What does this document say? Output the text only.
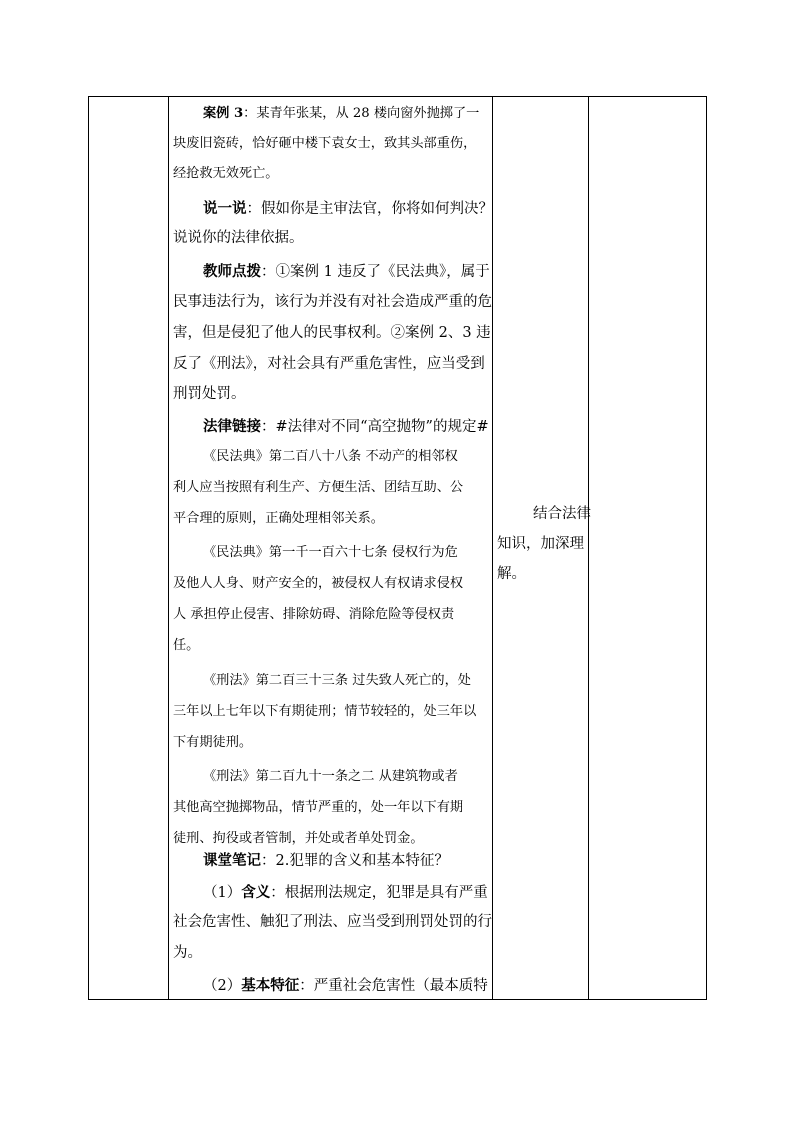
案例 3：某青年张某，从 28 楼向窗外抛掷了一

块废旧瓷砖，恰好砸中楼下袁女士，致其头部重伤，

经抢救无效死亡。

说一说：假如你是主审法官，你将如何判决？

说说你的法律依据。

教师点拨：①案例 1 违反了《民法典》，属于

民事违法行为，该行为并没有对社会造成严重的危

害，但是侵犯了他人的民事权利。②案例 2、3 违

反了《刑法》，对社会具有严重危害性，应当受到

刑罚处罚。

法律链接：#法律对不同“高空抛物”的规定#

《民法典》第二百八十八条 不动产的相邻权

利人应当按照有利生产、方便生活、团结互助、公

平合理的原则，正确处理相邻关系。

《民法典》第一千一百六十七条 侵权行为危

及他人人身、财产安全的，被侵权人有权请求侵权

人 承担停止侵害、排除妨碍、消除危险等侵权责

任。

《刑法》第二百三十三条 过失致人死亡的，处

三年以上七年以下有期徒刑；情节较轻的，处三年以

下有期徒刑。

《刑法》第二百九十一条之二 从建筑物或者

其他高空抛掷物品，情节严重的，处一年以下有期

徒刑、拘役或者管制，并处或者单处罚金。

课堂笔记：2.犯罪的含义和基本特征？

（1）含义：根据刑法规定，犯罪是具有严重

社会危害性、触犯了刑法、应当受到刑罚处罚的行

为。

（2）基本特征：严重社会危害性（最本质特

结合法律

知识，加深理

解。
